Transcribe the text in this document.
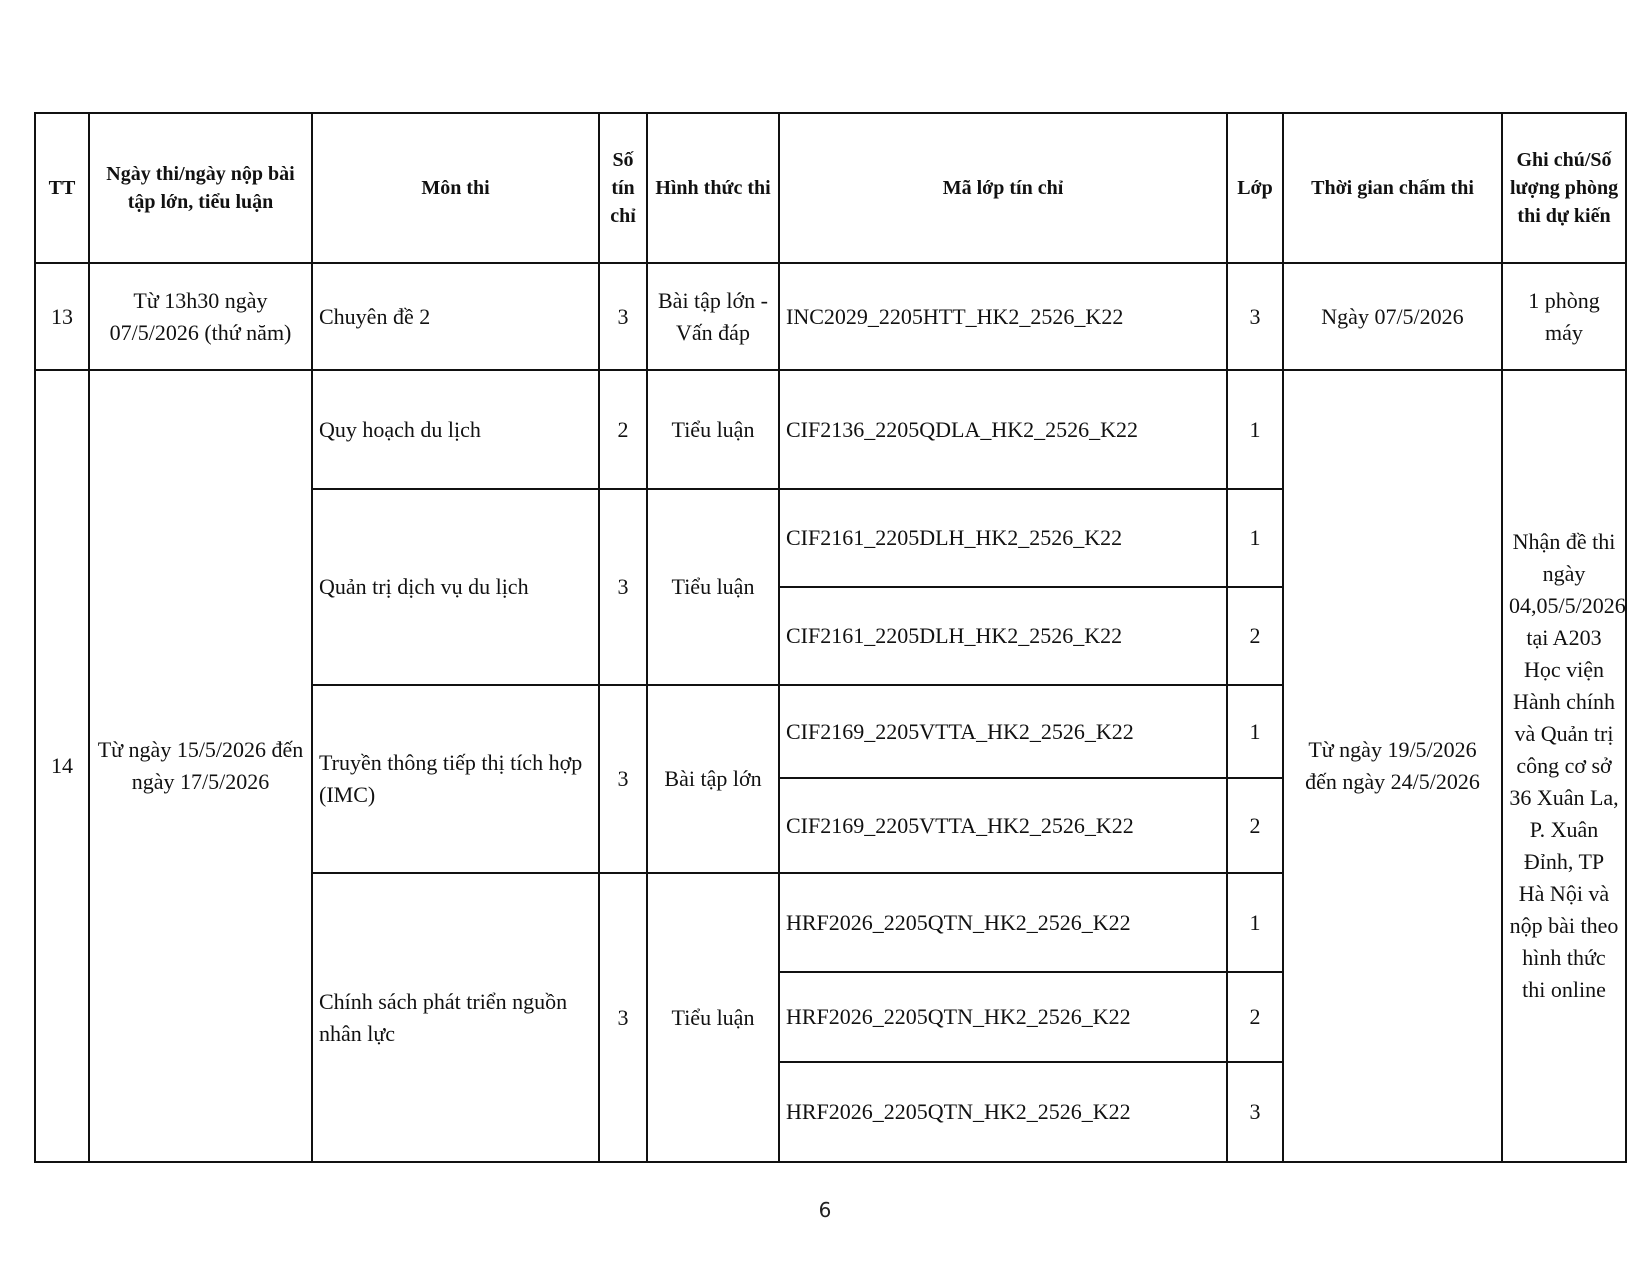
TT	Ngày thi/ngày nộp bài tập lớn, tiểu luận	Môn thi	Số tín chỉ	Hình thức thi	Mã lớp tín chỉ	Lớp	Thời gian chấm thi	Ghi chú/Số lượng phòng thi dự kiến
13	Từ 13h30 ngày 07/5/2026 (thứ năm)	Chuyên đề 2	3	Bài tập lớn - Vấn đáp	INC2029_2205HTT_HK2_2526_K22	3	Ngày 07/5/2026	1 phòng máy
14	Từ ngày 15/5/2026 đến ngày 17/5/2026	Quy hoạch du lịch	2	Tiểu luận	CIF2136_2205QDLA_HK2_2526_K22	1	Từ ngày 19/5/2026 đến ngày 24/5/2026	Nhận đề thi ngày 04,05/5/2026 tại A203 Học viện Hành chính và Quản trị công cơ sở 36 Xuân La, P. Xuân Đỉnh, TP Hà Nội và nộp bài theo hình thức thi online
		Quản trị dịch vụ du lịch	3	Tiểu luận	CIF2161_2205DLH_HK2_2526_K22	1		
					CIF2161_2205DLH_HK2_2526_K22	2		
		Truyền thông tiếp thị tích hợp (IMC)	3	Bài tập lớn	CIF2169_2205VTTA_HK2_2526_K22	1		
					CIF2169_2205VTTA_HK2_2526_K22	2		
		Chính sách phát triển nguồn nhân lực	3	Tiểu luận	HRF2026_2205QTN_HK2_2526_K22	1		
					HRF2026_2205QTN_HK2_2526_K22	2		
					HRF2026_2205QTN_HK2_2526_K22	3		
6
